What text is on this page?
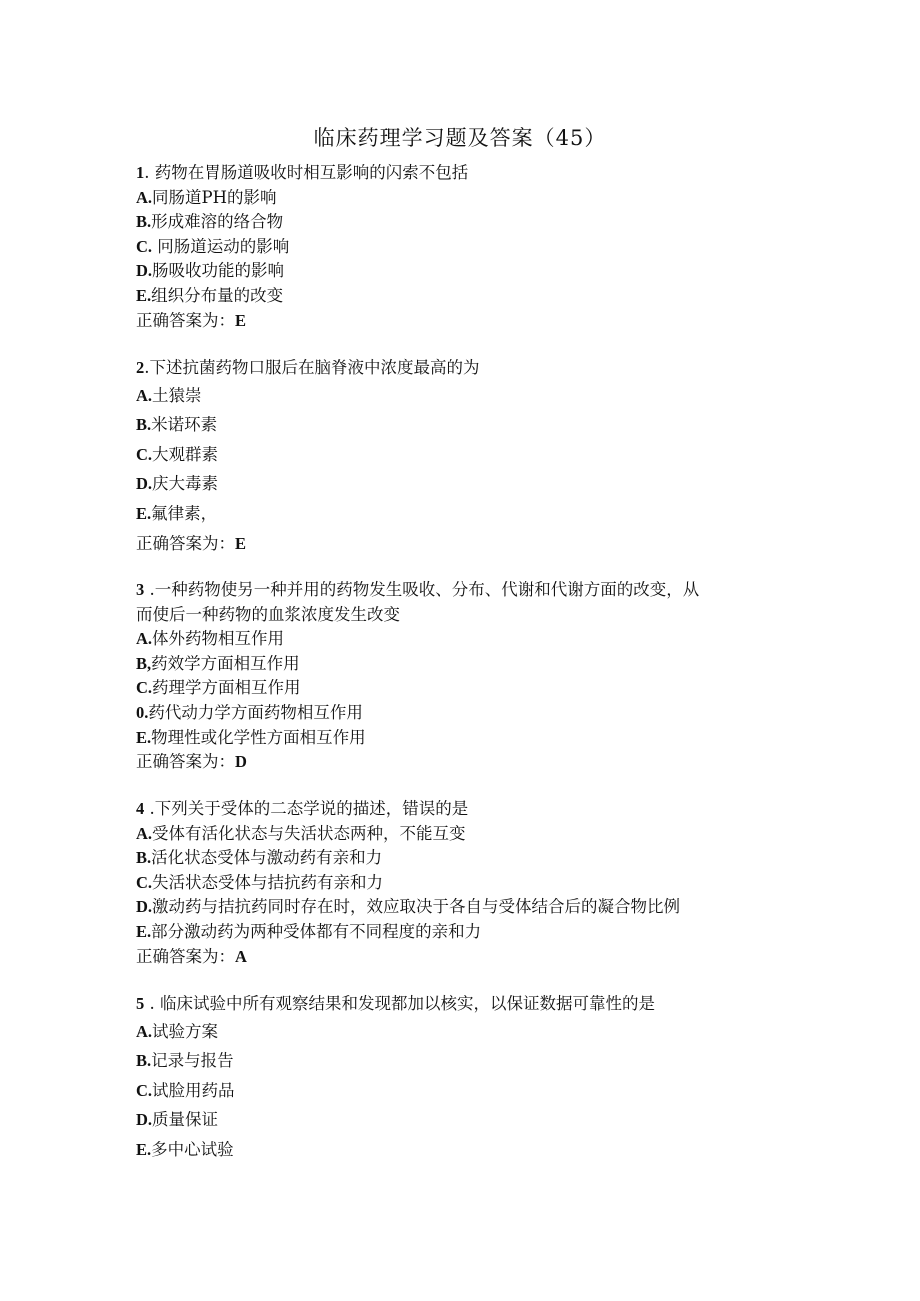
临床药理学习题及答案（45）
1. 药物在胃肠道吸收时相互影响的闪索不包括
A.同肠道PH的影响
B.形成难溶的络合物
C. 冋肠道运动的影响
D.肠吸收功能的影响
E.组织分布量的改变
正确答案为：E
2.下述抗菌药物口服后在脑脊液中浓度最高的为
A.土猿崇
B.米诺环素
C.大观群素
D.庆大毒素
E.氟律素，
正确答案为：E
3 .一种药物使另一种并用的药物发生吸收、分布、代谢和代谢方面的改变，从
而使后一种药物的血浆浓度发生改变
A.体外药物相互作用
B,药效学方面相互作用
C.药理学方面相互作用
0.药代动力学方面药物相互作用
E.物理性或化学性方面相互作用
正确答案为：D
4 .下列关于受体的二态学说的描述，错误的是
A.受体有活化状态与失活状态两种，不能互变
B.活化状态受体与激动药有亲和力
C.失活状态受体与拮抗药有亲和力
D.激动药与拮抗药同时存在时，效应取决于各自与受体结合后的凝合物比例
E.部分激动药为两种受体都有不同程度的亲和力
正确答案为：A
5 . 临床试验中所有观察结果和发现都加以核实，以保证数据可靠性的是
A.试验方案
B.记录与报告
C.试脸用药品
D.质量保证
E.多中心试验
